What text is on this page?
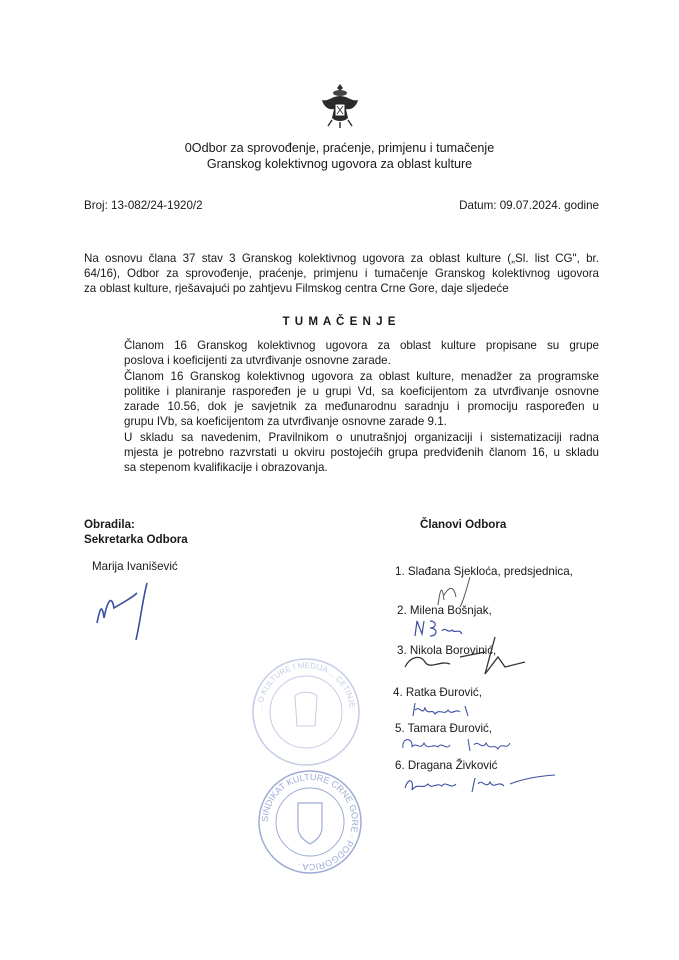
0Odbor za sprovođenje, praćenje, primjenu i tumačenje
Granskog kolektivnog ugovora za oblast kulture
Broj: 13-082/24-1920/2	Datum: 09.07.2024. godine
Na osnovu člana 37 stav 3 Granskog kolektivnog ugovora za oblast kulture („Sl. list CG", br.
64/16), Odbor za sprovođenje, praćenje, primjenu i tumačenje Granskog kolektivnog ugovora
za oblast kulture, rješavajući po zahtjevu Filmskog centra Crne Gore, daje sljedeće
T U M A Č E N J E
Članom 16 Granskog kolektivnog ugovora za oblast kulture propisane su grupe
poslova i koeficijenti za utvrđivanje osnovne zarade.
Članom 16 Granskog kolektivnog ugovora za oblast kulture, menadžer za programske
politike i planiranje raspoređen je u grupi Vd, sa koeficijentom za utvrđivanje osnovne
zarade 10.56, dok je savjetnik za međunarodnu saradnju i promociju raspoređen u
grupu IVb, sa koeficijentom za utvrđivanje osnovne zarade 9.1.
U skladu sa navedenim, Pravilnikom o unutrašnjoj organizaciji i sistematizaciji radna
mjesta je potrebno razvrstati u okviru postojećih grupa predviđenih članom 16, u skladu
sa stepenom kvalifikacije i obrazovanja.
Obradila:
Sekretarka Odbora
Marija Ivanišević
Članovi Odbora
1. Slađana Sjekloća, predsjednica,
2. Milena Bošnjak,
3. Nikola Borovinić,
4. Ratka Đurović,
5. Tamara Đurović,
6. Dragana Živković
... O KULTURE I MEDIJA ... CETINJE
SINDIKAT KULTURE CRNE GORE · PODGORICA ·
